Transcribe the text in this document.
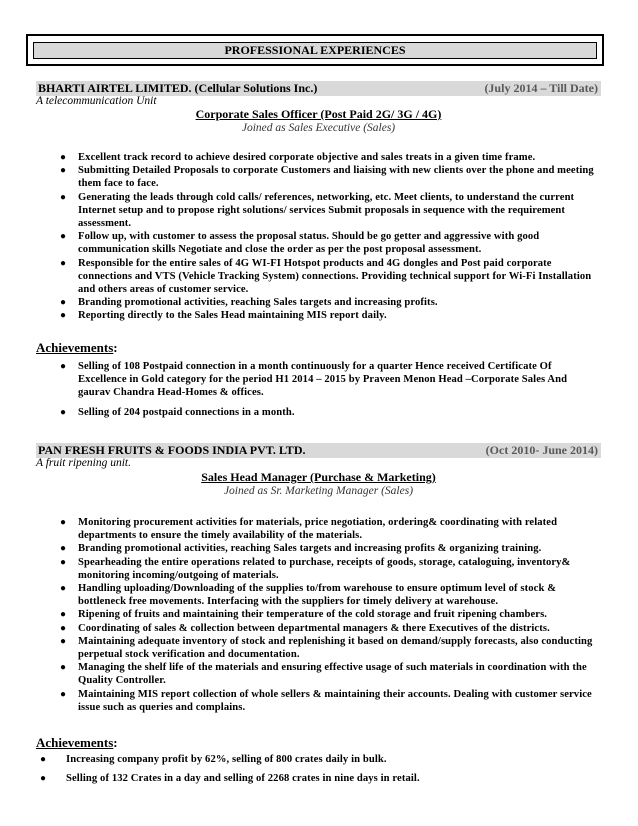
PROFESSIONAL EXPERIENCES
BHARTI AIRTEL LIMITED. (Cellular Solutions Inc.)	(July 2014 – Till Date)
A telecommunication Unit
Corporate Sales Officer (Post Paid 2G/ 3G / 4G)
Joined as Sales Executive (Sales)
● Excellent track record to achieve desired corporate objective and sales treats in a given time frame.
● Submitting Detailed Proposals to corporate Customers and liaising with new clients over the phone and meeting them face to face.
● Generating the leads through cold calls/ references, networking, etc. Meet clients, to understand the current Internet setup and to propose right solutions/ services Submit proposals in sequence with the requirement assessment.
● Follow up, with customer to assess the proposal status. Should be go getter and aggressive with good communication skills Negotiate and close the order as per the post proposal assessment.
● Responsible for the entire sales of 4G WI-FI Hotspot products and 4G dongles and Post paid corporate connections and VTS (Vehicle Tracking System) connections. Providing technical support for Wi-Fi Installation and others areas of customer service.
● Branding promotional activities, reaching Sales targets and increasing profits.
● Reporting directly to the Sales Head maintaining MIS report daily.
Achievements:
● Selling of 108 Postpaid connection in a month continuously for a quarter Hence received Certificate Of Excellence in Gold category for the period H1 2014 – 2015 by Praveen Menon Head –Corporate Sales And gaurav Chandra Head-Homes & offices.
● Selling of 204 postpaid connections in a month.
PAN FRESH FRUITS & FOODS INDIA PVT. LTD.	(Oct 2010- June 2014)
A fruit ripening unit.
Sales Head Manager (Purchase & Marketing)
Joined as Sr. Marketing Manager (Sales)
● Monitoring procurement activities for materials, price negotiation, ordering& coordinating with related departments to ensure the timely availability of the materials.
● Branding promotional activities, reaching Sales targets and increasing profits & organizing training.
● Spearheading the entire operations related to purchase, receipts of goods, storage, cataloguing, inventory& monitoring incoming/outgoing of materials.
● Handling uploading/Downloading of the supplies to/from warehouse to ensure optimum level of stock & bottleneck free movements. Interfacing with the suppliers for timely delivery at warehouse.
● Ripening of fruits and maintaining their temperature of the cold storage and fruit ripening chambers.
● Coordinating of sales & collection between departmental managers & there Executives of the districts.
● Maintaining adequate inventory of stock and replenishing it based on demand/supply forecasts, also conducting perpetual stock verification and documentation.
● Managing the shelf life of the materials and ensuring effective usage of such materials in coordination with the Quality Controller.
● Maintaining MIS report collection of whole sellers & maintaining their accounts. Dealing with customer service issue such as queries and complains.
Achievements:
● Increasing company profit by 62%, selling of 800 crates daily in bulk.
● Selling of 132 Crates in a day and selling of 2268 crates in nine days in retail.
